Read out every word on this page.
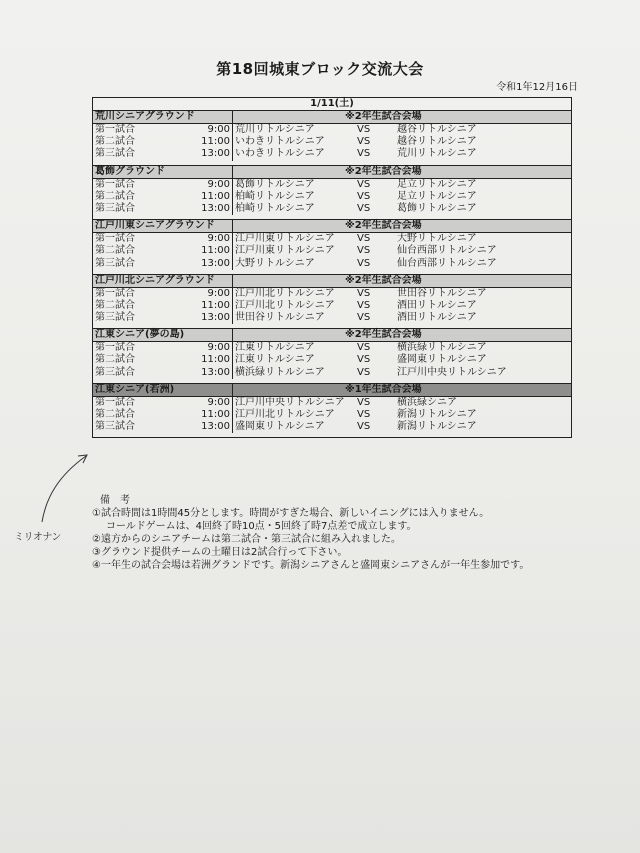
第18回城東ブロック交流大会
令和1年12月16日
1/11(土)
荒川シニアグラウンド	※2年生試合会場
第一試合	9:00 荒川リトルシニア	VS	越谷リトルシニア
第二試合	11:00 いわきリトルシニア	VS	越谷リトルシニア
第三試合	13:00 いわきリトルシニア	VS	荒川リトルシニア
葛飾グラウンド	※2年生試合会場
第一試合	9:00 葛飾リトルシニア	VS	足立リトルシニア
第二試合	11:00 柏崎リトルシニア	VS	足立リトルシニア
第三試合	13:00 柏崎リトルシニア	VS	葛飾リトルシニア
江戸川東シニアグラウンド	※2年生試合会場
第一試合	9:00 江戸川東リトルシニア	VS	大野リトルシニア
第二試合	11:00 江戸川東リトルシニア	VS	仙台西部リトルシニア
第三試合	13:00 大野リトルシニア	VS	仙台西部リトルシニア
江戸川北シニアグラウンド	※2年生試合会場
第一試合	9:00 江戸川北リトルシニア	VS	世田谷リトルシニア
第二試合	11:00 江戸川北リトルシニア	VS	酒田リトルシニア
第三試合	13:00 世田谷リトルシニア	VS	酒田リトルシニア
江東シニア(夢の島)	※2年生試合会場
第一試合	9:00 江東リトルシニア	VS	横浜緑リトルシニア
第二試合	11:00 江東リトルシニア	VS	盛岡東リトルシニア
第三試合	13:00 横浜緑リトルシニア	VS	江戸川中央リトルシニア
江東シニア(若洲)	※1年生試合会場
第一試合	9:00 江戸川中央リトルシニア	VS	横浜緑シニア
第二試合	11:00 江戸川北リトルシニア	VS	新潟リトルシニア
第三試合	13:00 盛岡東リトルシニア	VS	新潟リトルシニア
備　考
①試合時間は1時間45分とします。時間がすぎた場合、新しいイニングには入りません。
コールドゲームは、4回終了時10点・5回終了時7点差で成立します。
②遠方からのシニアチームは第二試合・第三試合に組み入れました。
③グラウンド提供チームの土曜日は2試合行って下さい。
④一年生の試合会場は若洲グランドです。新潟シニアさんと盛岡東シニアさんが一年生参加です。
ミリオナン
